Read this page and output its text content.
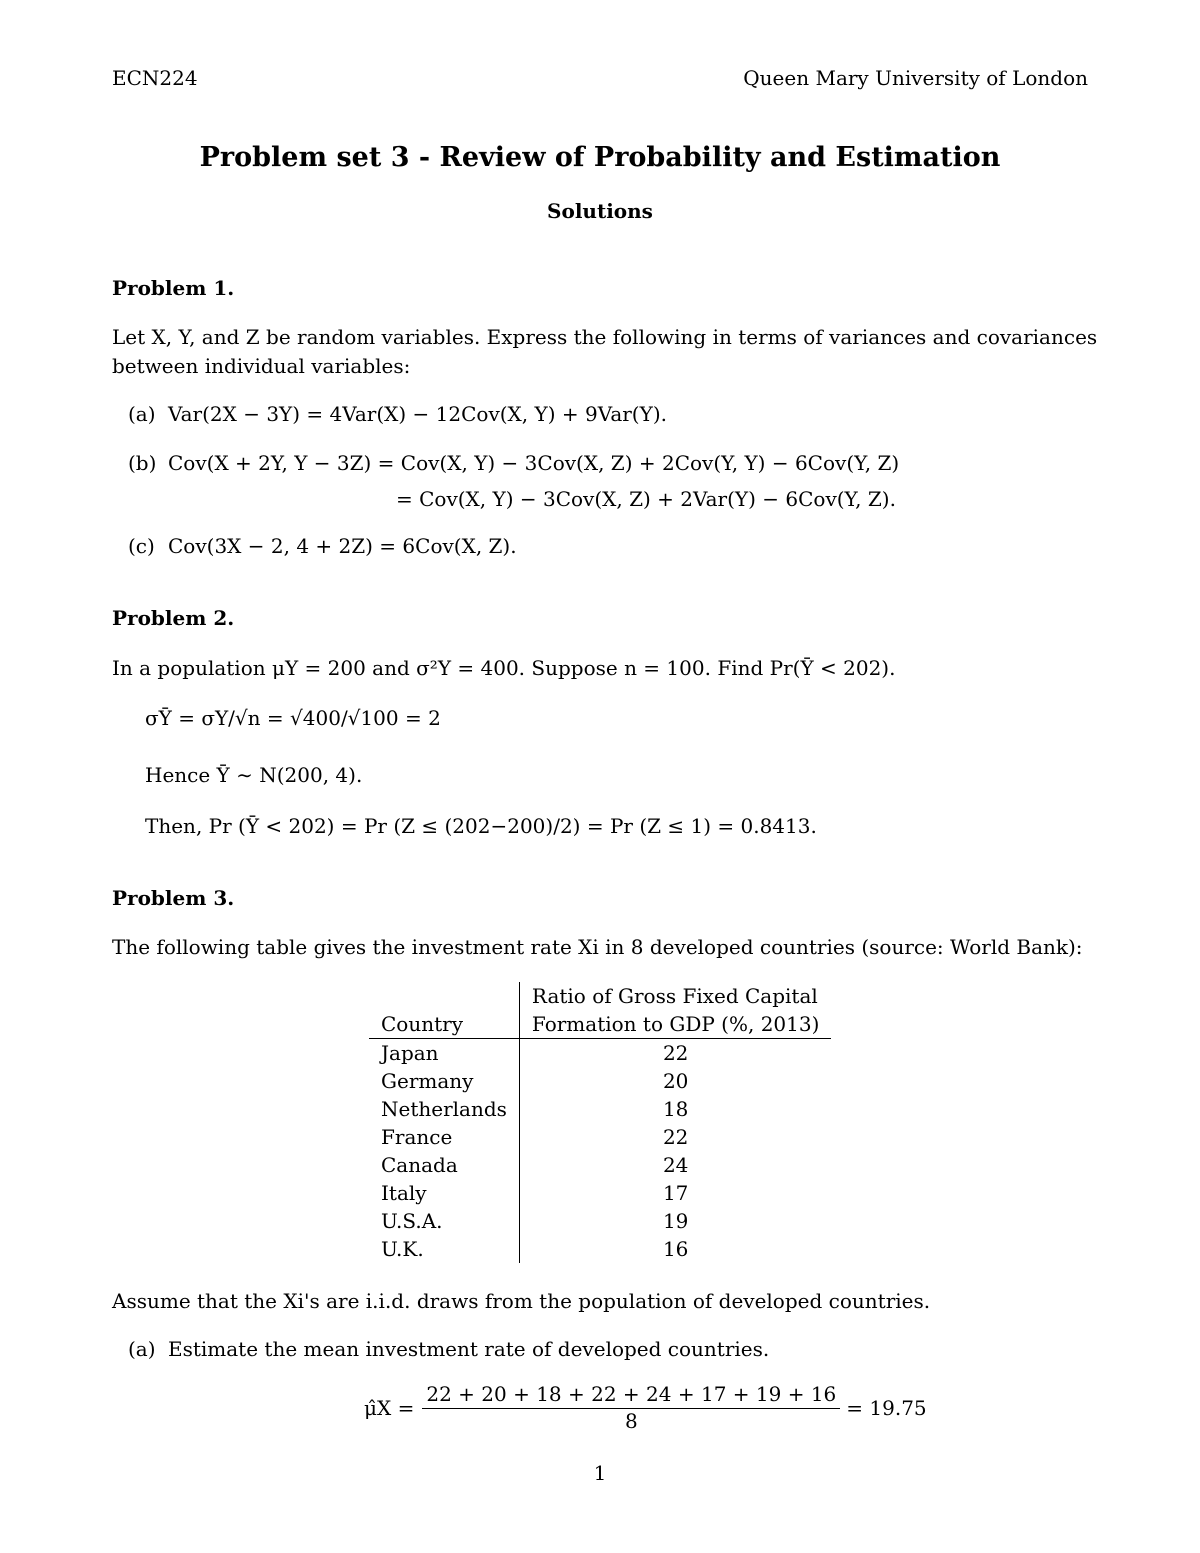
ECN224	Queen Mary University of London
Problem set 3 - Review of Probability and Estimation
Solutions
Problem 1.
Let X, Y, and Z be random variables. Express the following in terms of variances and covariances
between individual variables:
(a) Var(2X − 3Y) = 4Var(X) − 12Cov(X, Y) + 9Var(Y).
(b) Cov(X + 2Y, Y − 3Z) = Cov(X, Y) − 3Cov(X, Z) + 2Cov(Y, Y) − 6Cov(Y, Z)
= Cov(X, Y) − 3Cov(X, Z) + 2Var(Y) − 6Cov(Y, Z).
(c) Cov(3X − 2, 4 + 2Z) = 6Cov(X, Z).
Problem 2.
In a population μY = 200 and σ²Y = 400. Suppose n = 100. Find Pr(Ȳ < 202).
σȲ = σY/√n = √400/√100 = 2
Hence Ȳ ∼ N(200, 4).
Then, Pr (Ȳ < 202) = Pr (Z ≤ (202−200)/2) = Pr (Z ≤ 1) = 0.8413.
Problem 3.
The following table gives the investment rate Xi in 8 developed countries (source: World Bank):
Country	Ratio of Gross Fixed Capital
Formation to GDP (%, 2013)

Japan	22
Germany	20
Netherlands	18
France	22
Canada	24
Italy	17
U.S.A.	19
U.K.	16
Assume that the Xi's are i.i.d. draws from the population of developed countries.
(a) Estimate the mean investment rate of developed countries.
μ̂X = $\frac{22 + 20 + 18 + 22 + 24 + 17 + 19 + 16}{8} = 19.75$
1
